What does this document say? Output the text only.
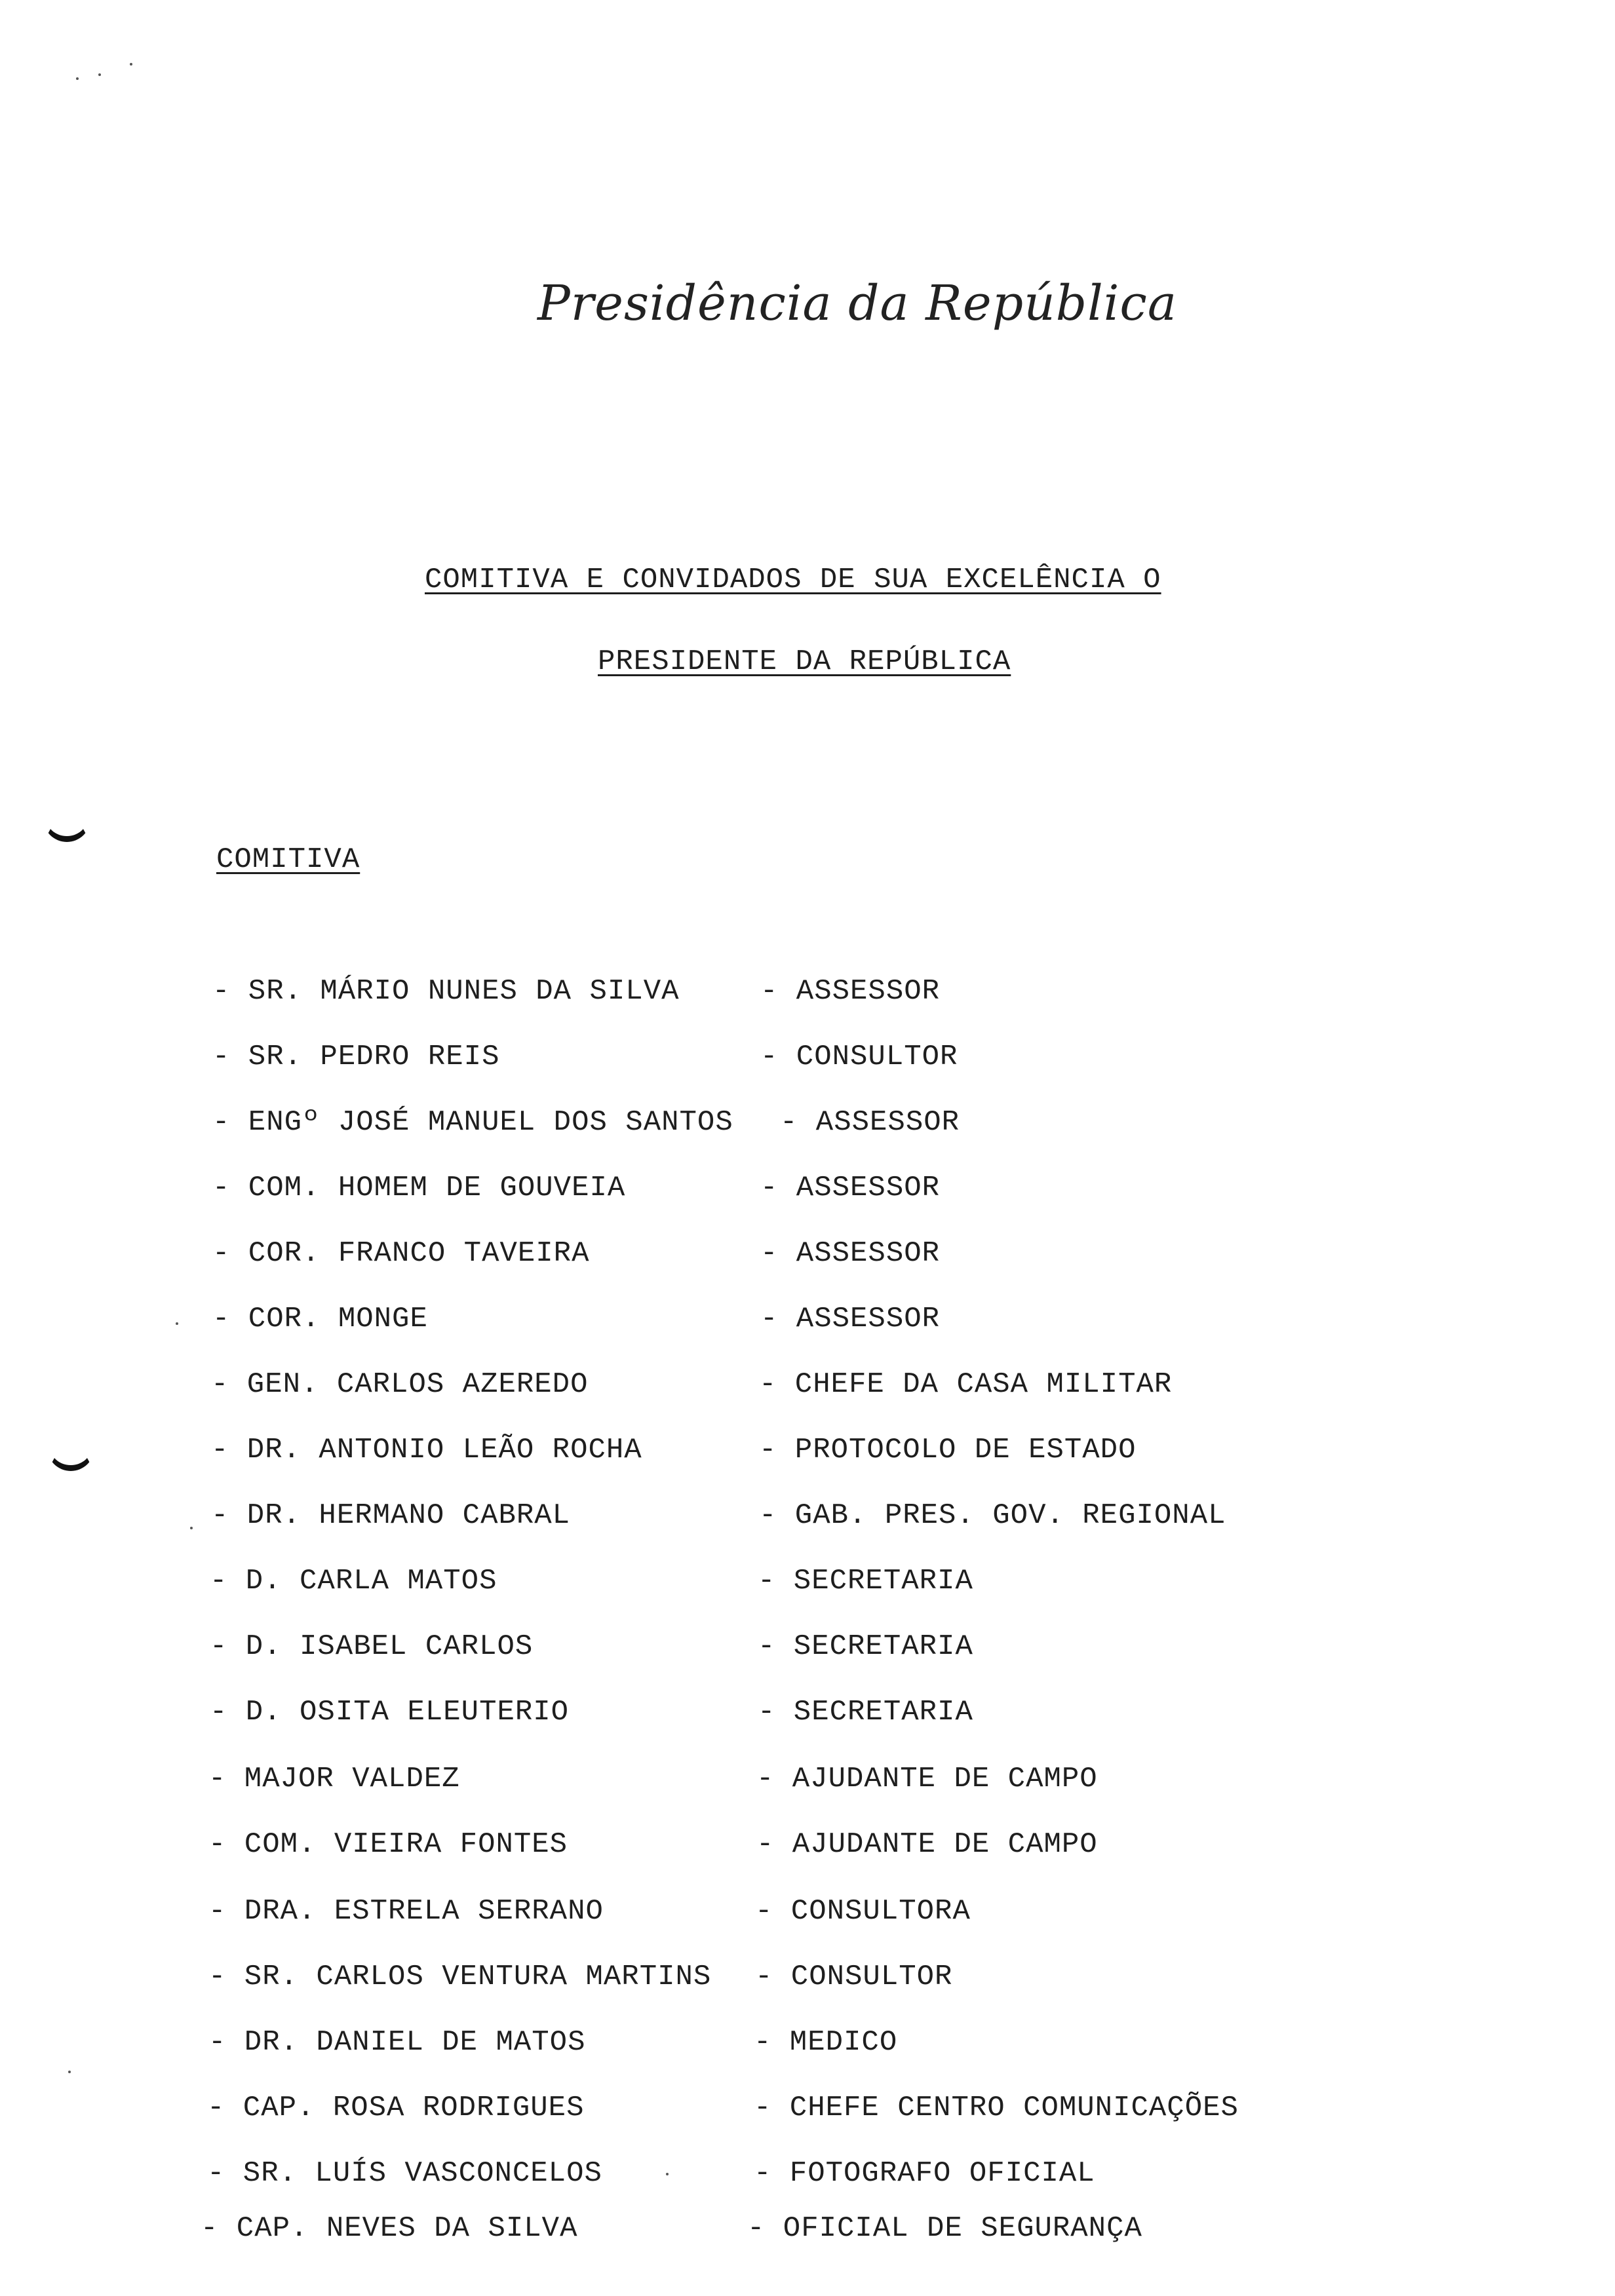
Presidência da República
COMITIVA E CONVIDADOS DE SUA EXCELÊNCIA O
PRESIDENTE DA REPÚBLICA
COMITIVA
- SR. MÁRIO NUNES DA SILVA	- ASSESSOR
- SR. PEDRO REIS	- CONSULTOR
- ENGº JOSÉ MANUEL DOS SANTOS - ASSESSOR
- COM. HOMEM DE GOUVEIA	- ASSESSOR
- COR. FRANCO TAVEIRA	- ASSESSOR
- COR. MONGE	- ASSESSOR
- GEN. CARLOS AZEREDO	- CHEFE DA CASA MILITAR
- DR. ANTONIO LEÃO ROCHA	- PROTOCOLO DE ESTADO
- DR. HERMANO CABRAL	- GAB. PRES. GOV. REGIONAL
- D. CARLA MATOS	- SECRETARIA
- D. ISABEL CARLOS	- SECRETARIA
- D. OSITA ELEUTERIO	- SECRETARIA
- MAJOR VALDEZ	- AJUDANTE DE CAMPO
- COM. VIEIRA FONTES	- AJUDANTE DE CAMPO
- DRA. ESTRELA SERRANO	- CONSULTORA
- SR. CARLOS VENTURA MARTINS - CONSULTOR
- DR. DANIEL DE MATOS	- MEDICO
- CAP. ROSA RODRIGUES	- CHEFE CENTRO COMUNICAÇÕES
- SR. LUÍS VASCONCELOS	- FOTOGRAFO OFICIAL
- CAP. NEVES DA SILVA	- OFICIAL DE SEGURANÇA
